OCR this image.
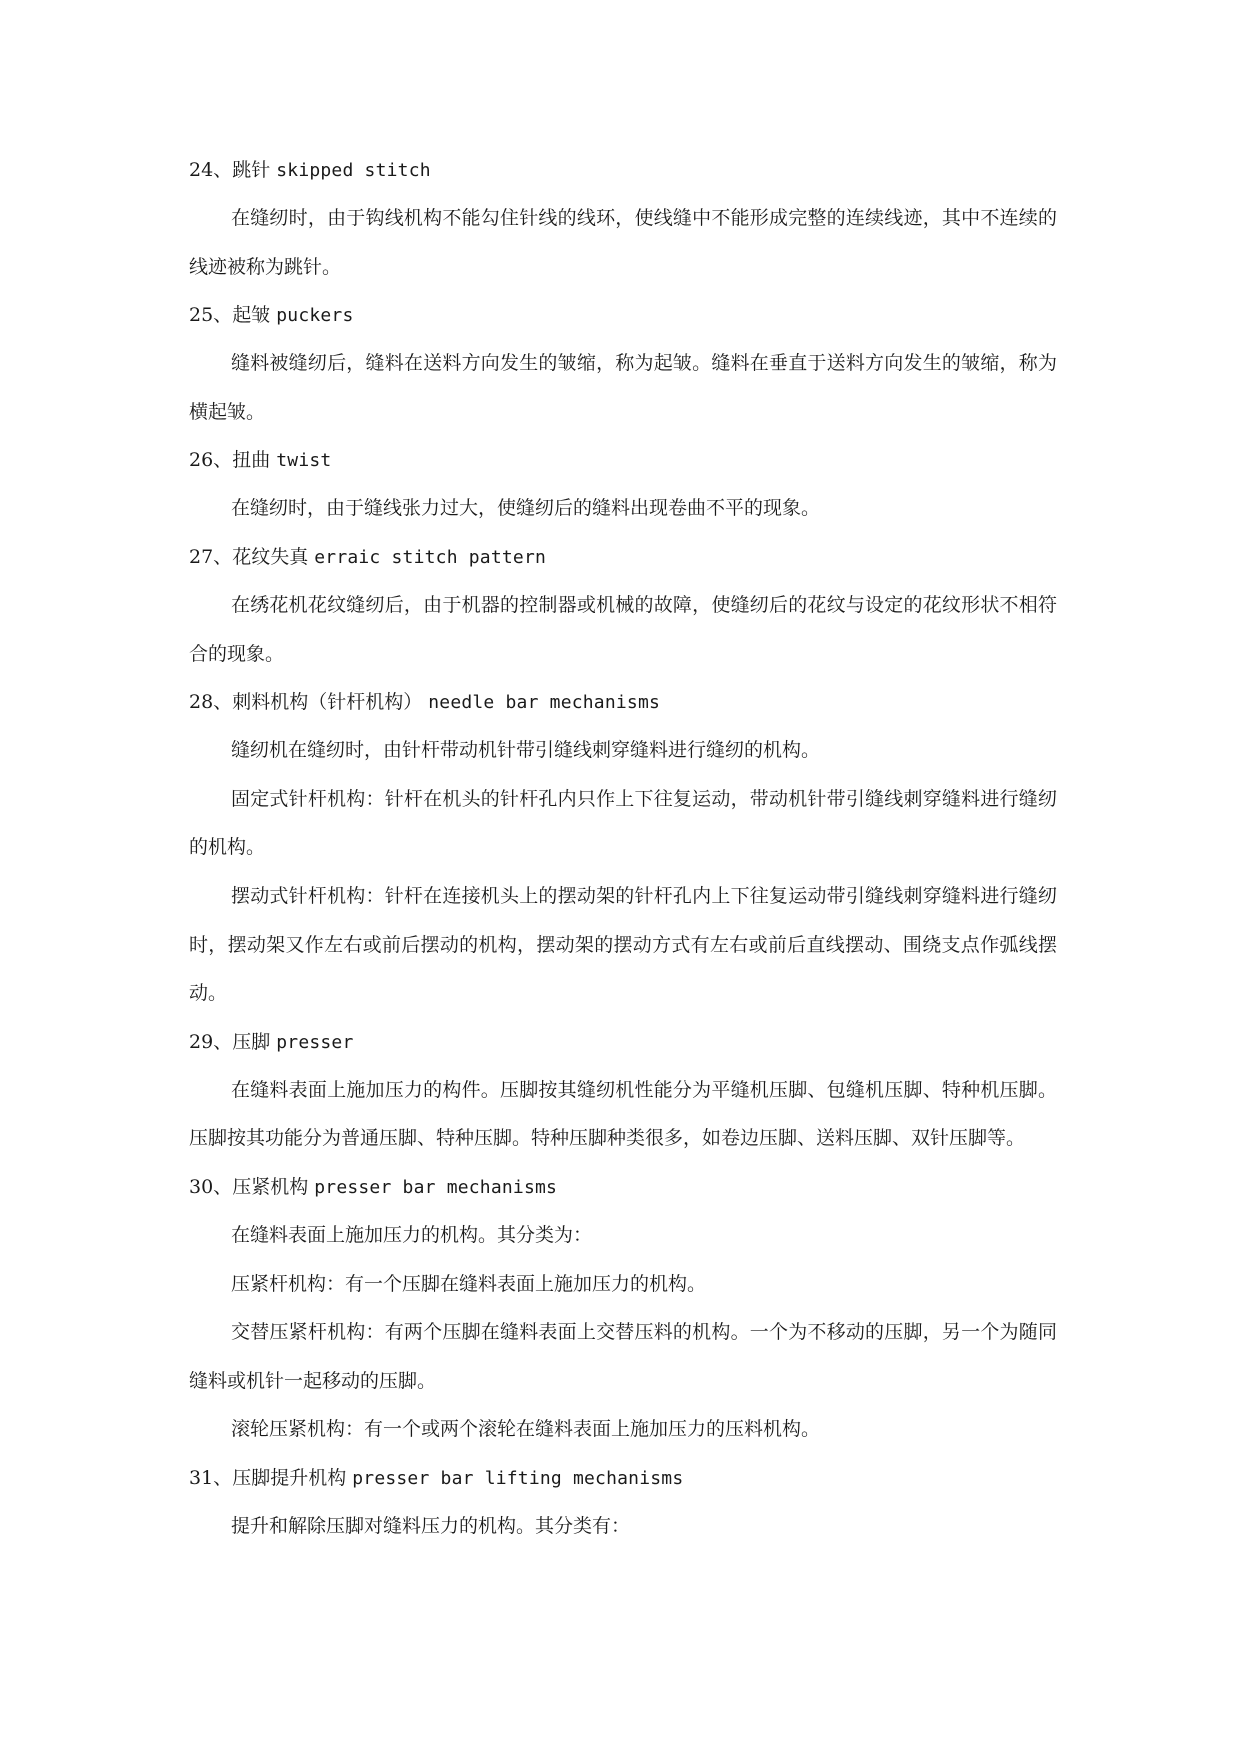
24、跳针 skipped stitch

在缝纫时，由于钩线机构不能勾住针线的线环，使线缝中不能形成完整的连续线迹，其中不连续的线迹被称为跳针。

25、起皱 puckers

缝料被缝纫后，缝料在送料方向发生的皱缩，称为起皱。缝料在垂直于送料方向发生的皱缩，称为横起皱。

26、扭曲 twist

在缝纫时，由于缝线张力过大，使缝纫后的缝料出现卷曲不平的现象。

27、花纹失真 erraic stitch pattern

在绣花机花纹缝纫后，由于机器的控制器或机械的故障，使缝纫后的花纹与设定的花纹形状不相符合的现象。

28、刺料机构（针杆机构） needle bar mechanisms

缝纫机在缝纫时，由针杆带动机针带引缝线刺穿缝料进行缝纫的机构。

固定式针杆机构：针杆在机头的针杆孔内只作上下往复运动，带动机针带引缝线刺穿缝料进行缝纫的机构。

摆动式针杆机构：针杆在连接机头上的摆动架的针杆孔内上下往复运动带引缝线刺穿缝料进行缝纫时，摆动架又作左右或前后摆动的机构，摆动架的摆动方式有左右或前后直线摆动、围绕支点作弧线摆动。

29、压脚 presser

在缝料表面上施加压力的构件。压脚按其缝纫机性能分为平缝机压脚、包缝机压脚、特种机压脚。 压脚按其功能分为普通压脚、特种压脚。特种压脚种类很多，如卷边压脚、送料压脚、双针压脚等。

30、压紧机构 presser bar mechanisms

在缝料表面上施加压力的机构。其分类为：

压紧杆机构：有一个压脚在缝料表面上施加压力的机构。

交替压紧杆机构：有两个压脚在缝料表面上交替压料的机构。一个为不移动的压脚，另一个为随同缝料或机针一起移动的压脚。

滚轮压紧机构：有一个或两个滚轮在缝料表面上施加压力的压料机构。

31、压脚提升机构 presser bar lifting mechanisms

提升和解除压脚对缝料压力的机构。其分类有：
